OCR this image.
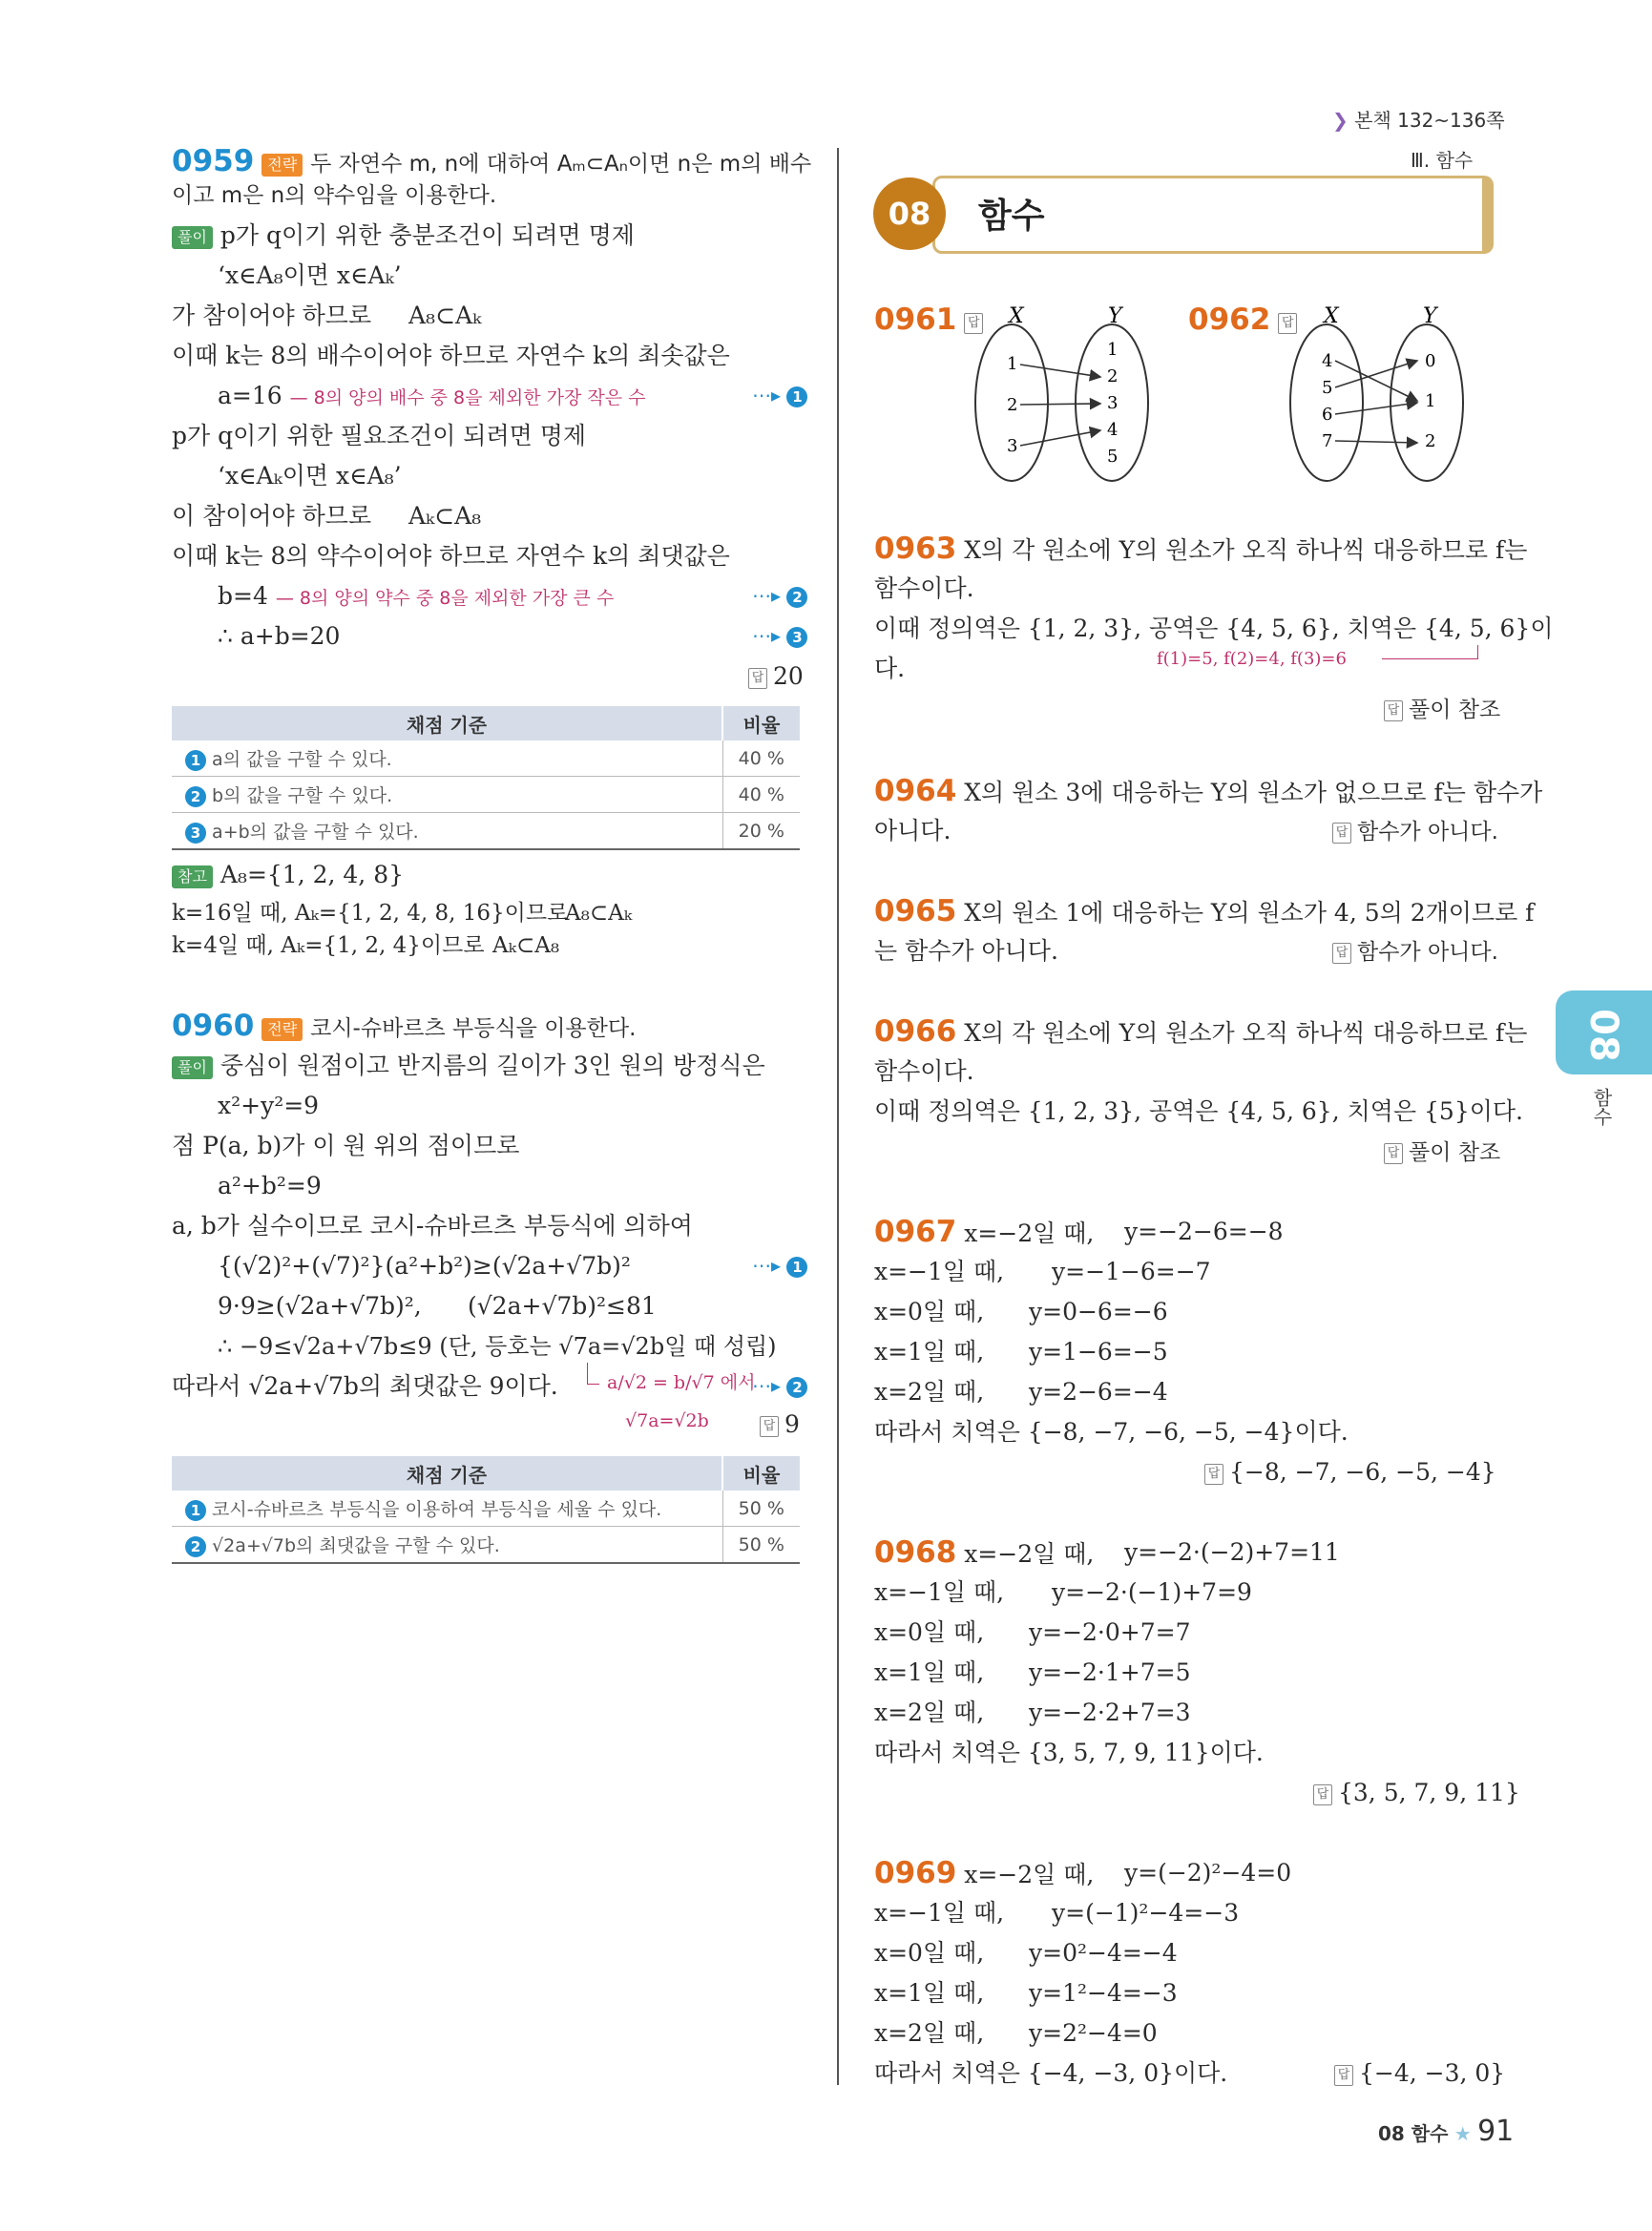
❯ 본책 132~136쪽
Ⅲ. 함수
08	함수
08
함수
0959 전략 두 자연수 m, n에 대하여 Aₘ⊂Aₙ이면 n은 m의 배수
이고 m은 n의 약수임을 이용한다.
풀이 p가 q이기 위한 충분조건이 되려면 명제
‘x∈A₈이면 x∈Aₖ’
가 참이어야 하므로 A₈⊂Aₖ
이때 k는 8의 배수이어야 하므로 자연수 k의 최솟값은
a=16 — 8의 양의 배수 중 8을 제외한 가장 작은 수	⋯▸ 1
p가 q이기 위한 필요조건이 되려면 명제
‘x∈Aₖ이면 x∈A₈’
이 참이어야 하므로 Aₖ⊂A₈
이때 k는 8의 약수이어야 하므로 자연수 k의 최댓값은
b=4 — 8의 양의 약수 중 8을 제외한 가장 큰 수	⋯▸ 2
∴ a+b=20	⋯▸ 3
답 20
채점 기준	비율
1 a의 값을 구할 수 있다.	40 %
2 b의 값을 구할 수 있다.	40 %
3 a+b의 값을 구할 수 있다.	20 %
참고 A₈={1, 2, 4, 8}
k=16일 때, Aₖ={1, 2, 4, 8, 16}이므로
A₈⊂Aₖ
k=4일 때, Aₖ={1, 2, 4}이므로 Aₖ⊂A₈
0960 전략 코시-슈바르츠 부등식을 이용한다.
풀이 중심이 원점이고 반지름의 길이가 3인 원의 방정식은
x²+y²=9
점 P(a, b)가 이 원 위의 점이므로
a²+b²=9
a, b가 실수이므로 코시-슈바르츠 부등식에 의하여
{(√2)²+(√7)²}(a²+b²)≥(√2a+√7b)²	⋯▸ 1
9·9≥(√2a+√7b)², (√2a+√7b)²≤81
∴ −9≤√2a+√7b≤9 (단, 등호는 √7a=√2b일 때 성립)
따라서 √2a+√7b의 최댓값은 9이다.	a/√2 = b/√7 에서
√7a=√2b
⋯▸ 2
답 9
채점 기준	비율
1 코시-슈바르츠 부등식을 이용하여 부등식을 세울 수 있다.	50 %
2 √2a+√7b의 최댓값을 구할 수 있다.	50 %
0961 답	X	Y
1
2
3
1
2
3
4
5
0962 답	X	Y
4
5
6
7
0
1
2
0963 X의 각 원소에 Y의 원소가 오직 하나씩 대응하므로 f는
함수이다.
이때 정의역은 {1, 2, 3}, 공역은 {4, 5, 6}, 치역은 {4, 5, 6}이
다.	f(1)=5, f(2)=4, f(3)=6
답 풀이 참조
0964 X의 원소 3에 대응하는 Y의 원소가 없으므로 f는 함수가
아니다.	답 함수가 아니다.
0965 X의 원소 1에 대응하는 Y의 원소가 4, 5의 2개이므로 f
는 함수가 아니다.	답 함수가 아니다.
0966 X의 각 원소에 Y의 원소가 오직 하나씩 대응하므로 f는
함수이다.
이때 정의역은 {1, 2, 3}, 공역은 {4, 5, 6}, 치역은 {5}이다.
답 풀이 참조
0967 x=−2일 때, y=−2−6=−8
x=−1일 때, y=−1−6=−7
x=0일 때, y=0−6=−6
x=1일 때, y=1−6=−5
x=2일 때, y=2−6=−4
따라서 치역은 {−8, −7, −6, −5, −4}이다.
답 {−8, −7, −6, −5, −4}
0968 x=−2일 때, y=−2·(−2)+7=11
x=−1일 때, y=−2·(−1)+7=9
x=0일 때, y=−2·0+7=7
x=1일 때, y=−2·1+7=5
x=2일 때, y=−2·2+7=3
따라서 치역은 {3, 5, 7, 9, 11}이다.
답 {3, 5, 7, 9, 11}
0969 x=−2일 때, y=(−2)²−4=0
x=−1일 때, y=(−1)²−4=−3
x=0일 때, y=0²−4=−4
x=1일 때, y=1²−4=−3
x=2일 때, y=2²−4=0
따라서 치역은 {−4, −3, 0}이다.	답 {−4, −3, 0}
08 함수 ★ 91
